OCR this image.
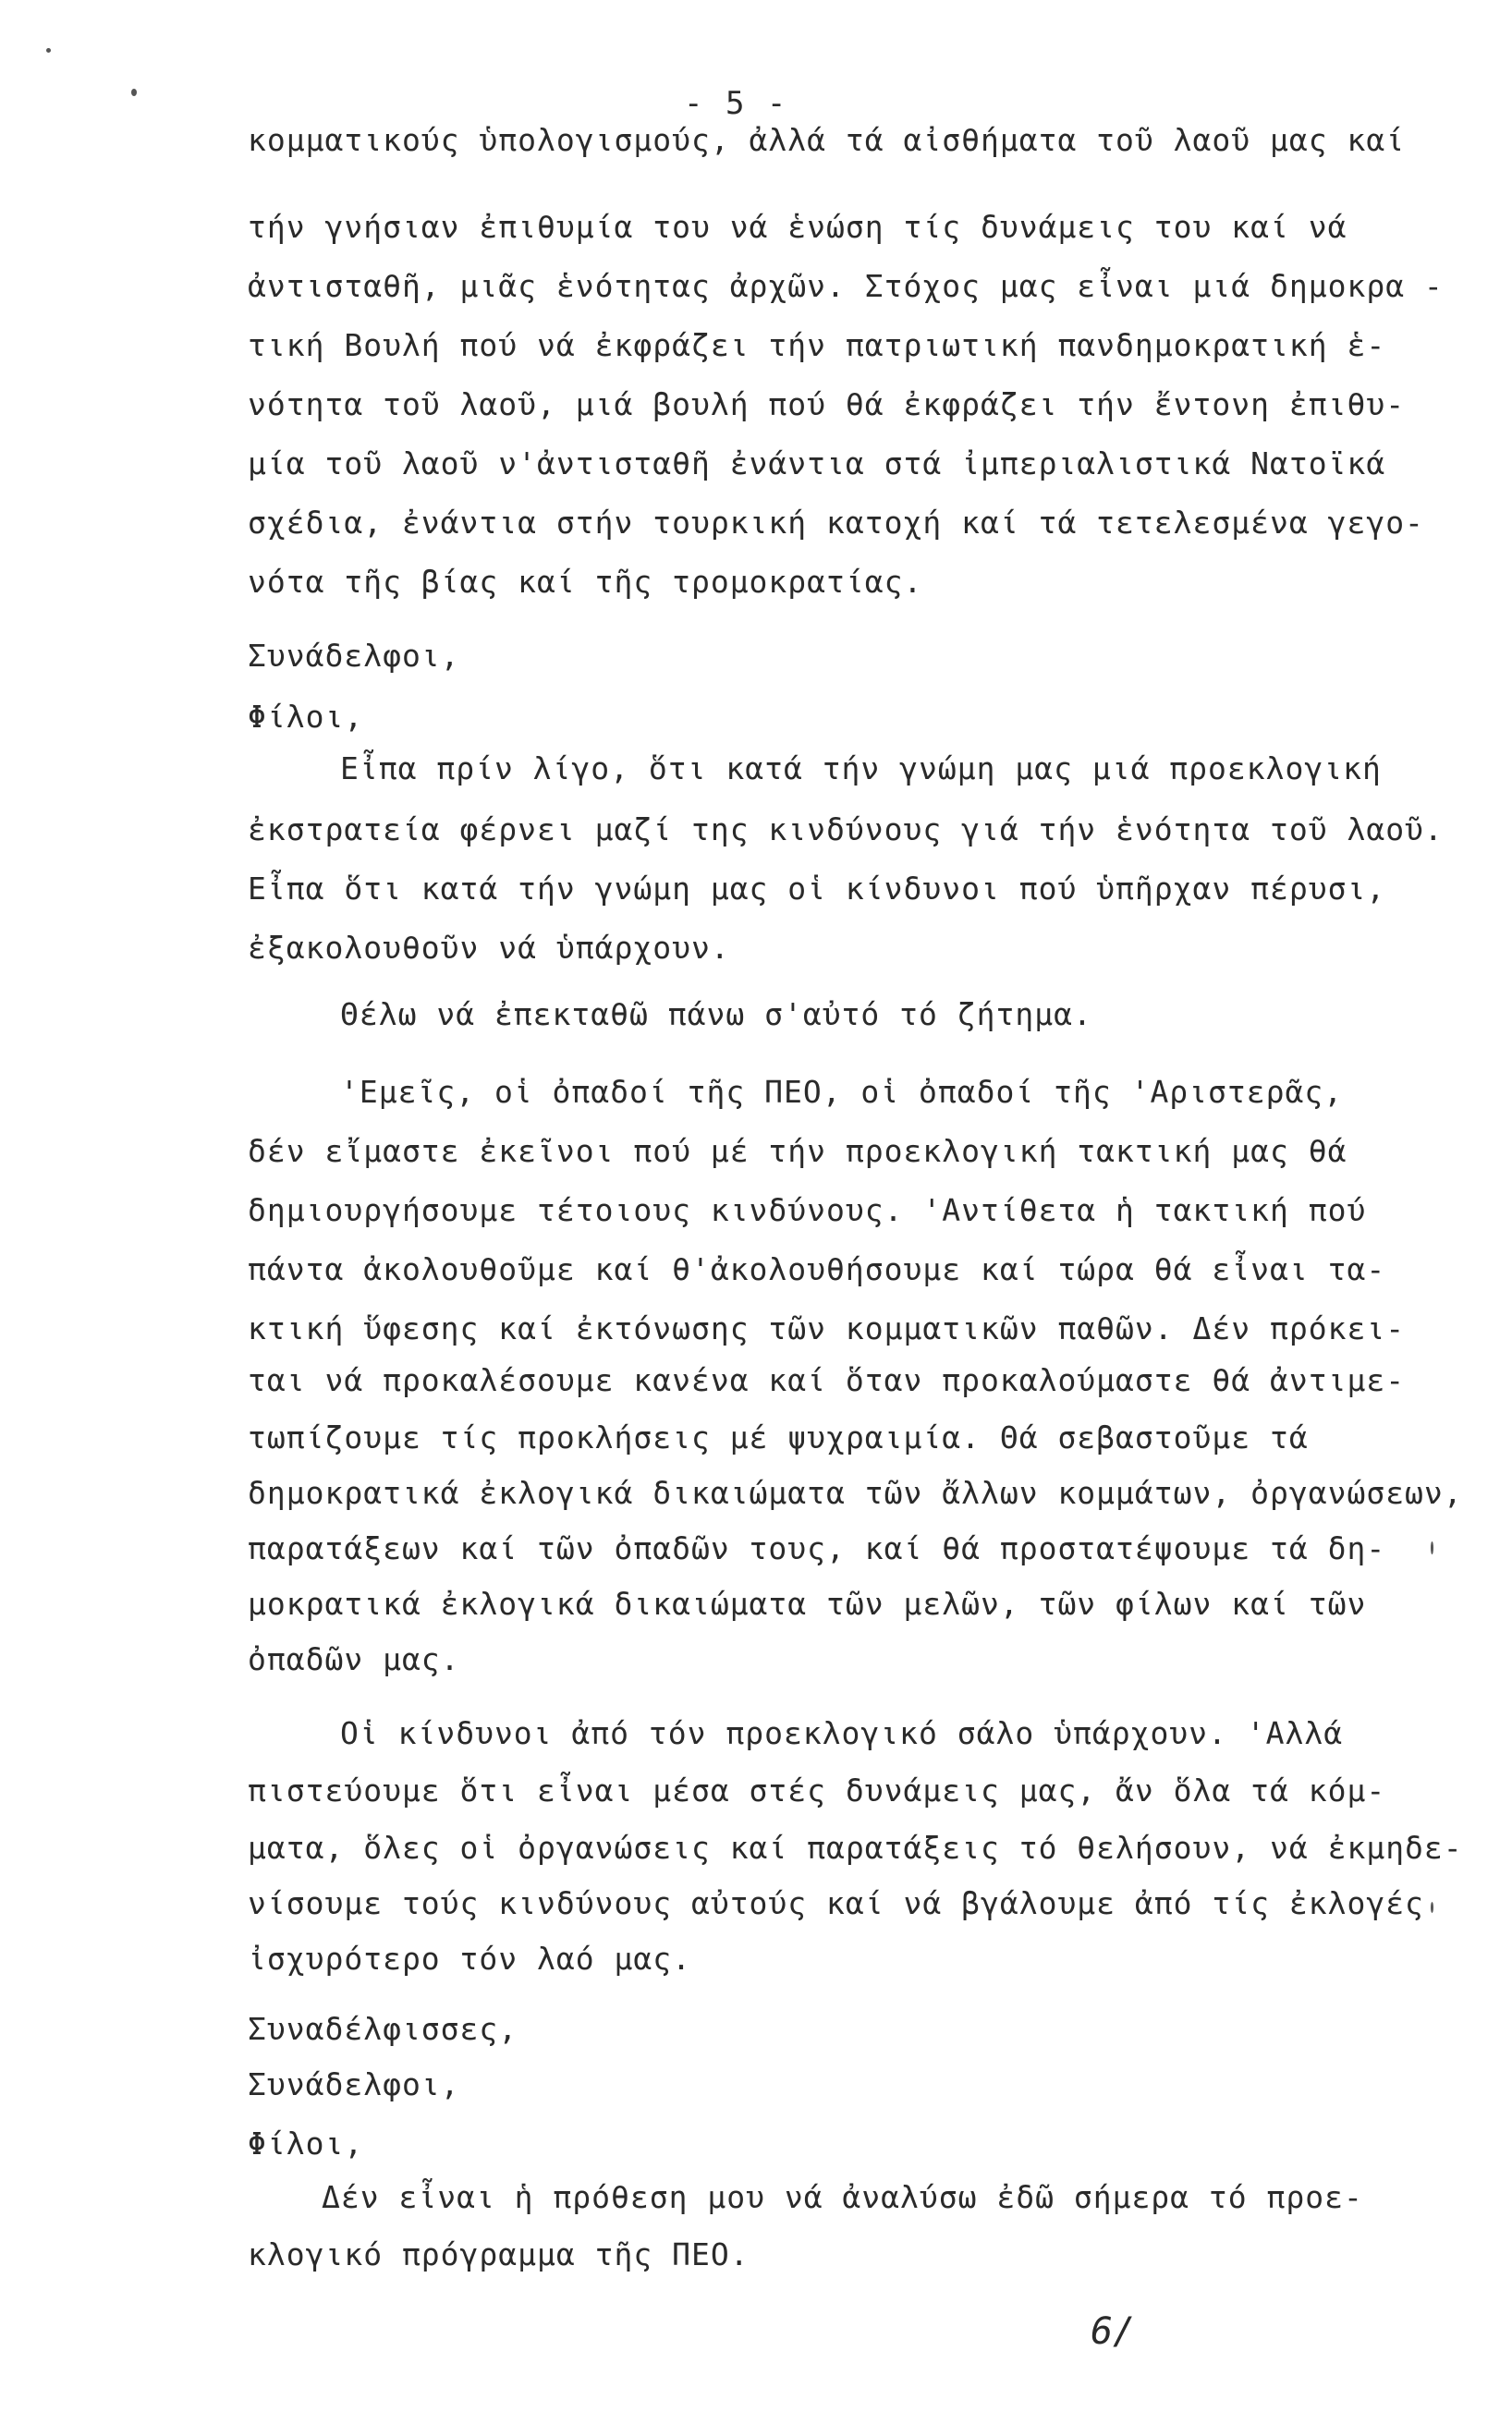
- 5 -
κομματικούς ὑπολογισμούς, ἀλλά τά αἰσθήματα τοῦ λαοῦ μας καί
τήν γνήσιαν ἐπιθυμία του νά ἑνώση τίς δυνάμεις του καί νά
ἀντισταθῆ, μιᾶς ἑνότητας ἀρχῶν. Στόχος μας εἶναι μιά δημοκρα -
τική Βουλή πού νά ἐκφράζει τήν πατριωτική πανδημοκρατική ἑ-
νότητα τοῦ λαοῦ, μιά βουλή πού θά ἐκφράζει τήν ἔντονη ἐπιθυ-
μία τοῦ λαοῦ ν'ἀντισταθῆ ἐνάντια στά ἰμπεριαλιστικά Νατοϊκά
σχέδια, ἐνάντια στήν τουρκική κατοχή καί τά τετελεσμένα γεγο-
νότα τῆς βίας καί τῆς τρομοκρατίας.
Συνάδελφοι,
Φίλοι,
Εἶπα πρίν λίγο, ὅτι κατά τήν γνώμη μας μιά προεκλογική
ἐκστρατεία φέρνει μαζί της κινδύνους γιά τήν ἑνότητα τοῦ λαοῦ.
Εἶπα ὅτι κατά τήν γνώμη μας οἱ κίνδυνοι πού ὑπῆρχαν πέρυσι,
ἐξακολουθοῦν νά ὑπάρχουν.
Θέλω νά ἐπεκταθῶ πάνω σ'αὐτό τό ζήτημα.
'Εμεῖς, οἱ ὀπαδοί τῆς ΠΕΟ, οἱ ὀπαδοί τῆς 'Αριστερᾶς,
δέν εἴμαστε ἐκεῖνοι πού μέ τήν προεκλογική τακτική μας θά
δημιουργήσουμε τέτοιους κινδύνους. 'Αντίθετα ἡ τακτική πού
πάντα ἀκολουθοῦμε καί θ'ἀκολουθήσουμε καί τώρα θά εἶναι τα-
κτική ὕφεσης καί ἐκτόνωσης τῶν κομματικῶν παθῶν. Δέν πρόκει-
ται νά προκαλέσουμε κανένα καί ὅταν προκαλούμαστε θά ἀντιμε-
τωπίζουμε τίς προκλήσεις μέ ψυχραιμία. Θά σεβαστοῦμε τά
δημοκρατικά ἐκλογικά δικαιώματα τῶν ἄλλων κομμάτων, ὀργανώσεων,
παρατάξεων καί τῶν ὀπαδῶν τους, καί θά προστατέψουμε τά δη-
μοκρατικά ἐκλογικά δικαιώματα τῶν μελῶν, τῶν φίλων καί τῶν
ὀπαδῶν μας.
Οἱ κίνδυνοι ἀπό τόν προεκλογικό σάλο ὑπάρχουν. 'Αλλά
πιστεύουμε ὅτι εἶναι μέσα στές δυνάμεις μας, ἄν ὅλα τά κόμ-
ματα, ὅλες οἱ ὀργανώσεις καί παρατάξεις τό θελήσουν, νά ἐκμηδε-
νίσουμε τούς κινδύνους αὐτούς καί νά βγάλουμε ἀπό τίς ἐκλογές
ἰσχυρότερο τόν λαό μας.
Συναδέλφισσες,
Συνάδελφοι,
Φίλοι,
Δέν εἶναι ἡ πρόθεση μου νά ἀναλύσω ἐδῶ σήμερα τό προε-
κλογικό πρόγραμμα τῆς ΠΕΟ.
6/
